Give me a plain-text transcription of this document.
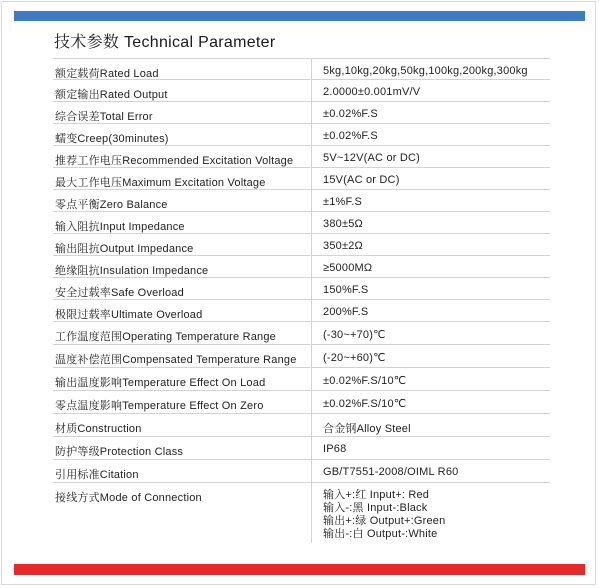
技术参数 Technical Parameter
额定载荷Rated Load	5kg,10kg,20kg,50kg,100kg,200kg,300kg
额定输出Rated Output	2.0000±0.001mV/V
综合误差Total Error	±0.02%F.S
蠕变Creep(30minutes)	±0.02%F.S
推荐工作电压Recommended Excitation Voltage	5V~12V(AC or DC)
最大工作电压Maximum Excitation Voltage	15V(AC or DC)
零点平衡Zero Balance	±1%F.S
输入阻抗Input Impedance	380±5Ω
输出阻抗Output Impedance	350±2Ω
绝缘阻抗Insulation Impedance	≥5000MΩ
安全过载率Safe Overload	150%F.S
极限过载率Ultimate Overload	200%F.S
工作温度范围Operating Temperature Range	(-30~+70)℃
温度补偿范围Compensated Temperature Range	(-20~+60)℃
输出温度影响Temperature Effect On Load	±0.02%F.S/10℃
零点温度影响Temperature Effect On Zero	±0.02%F.S/10℃
材质Construction	合金钢Alloy Steel
防护等级Protection Class	IP68
引用标准Citation	GB/T7551-2008/OIML R60
接线方式Mode of Connection	输入+:红 Input+: Red
输入-:黑 Input-:Black
输出+:绿 Output+:Green
输出-:白 Output-:White
